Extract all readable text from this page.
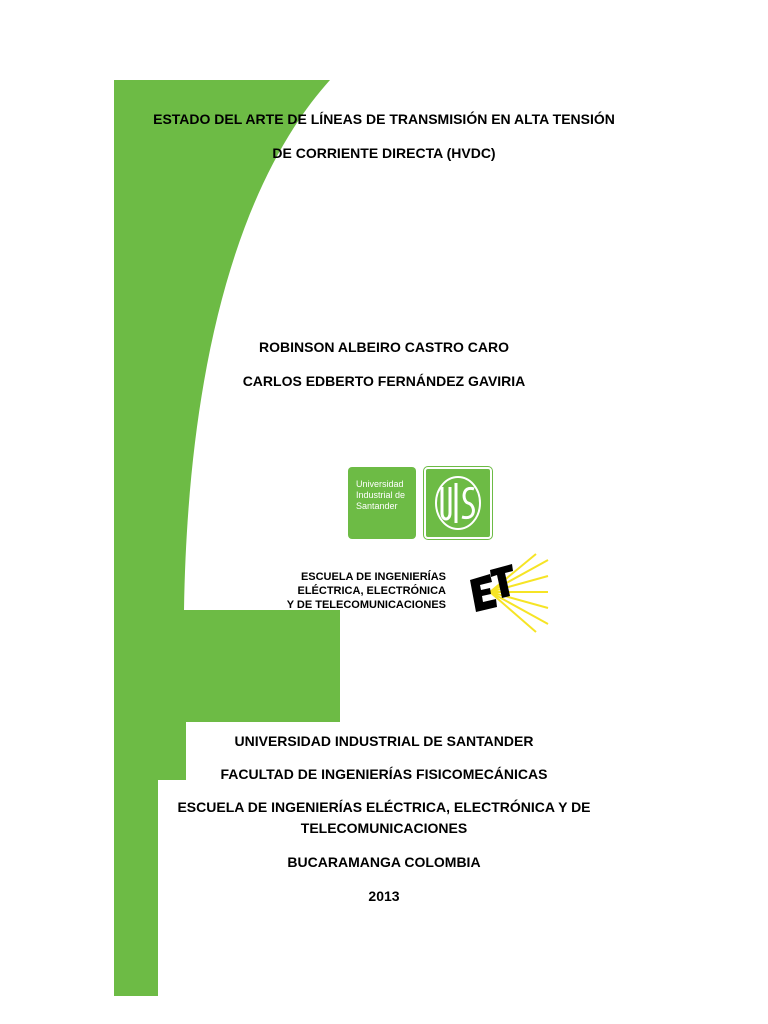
ESTADO DEL ARTE DE LÍNEAS DE TRANSMISIÓN EN ALTA TENSIÓN
DE CORRIENTE DIRECTA (HVDC)
ROBINSON ALBEIRO CASTRO CARO
CARLOS EDBERTO FERNÁNDEZ GAVIRIA
Universidad
Industrial de
Santander
ESCUELA DE INGENIERÍAS
ELÉCTRICA, ELECTRÓNICA
Y DE TELECOMUNICACIONES
UNIVERSIDAD INDUSTRIAL DE SANTANDER
FACULTAD DE INGENIERÍAS FISICOMECÁNICAS
ESCUELA DE INGENIERÍAS ELÉCTRICA, ELECTRÓNICA Y DE
TELECOMUNICACIONES
BUCARAMANGA COLOMBIA
2013
